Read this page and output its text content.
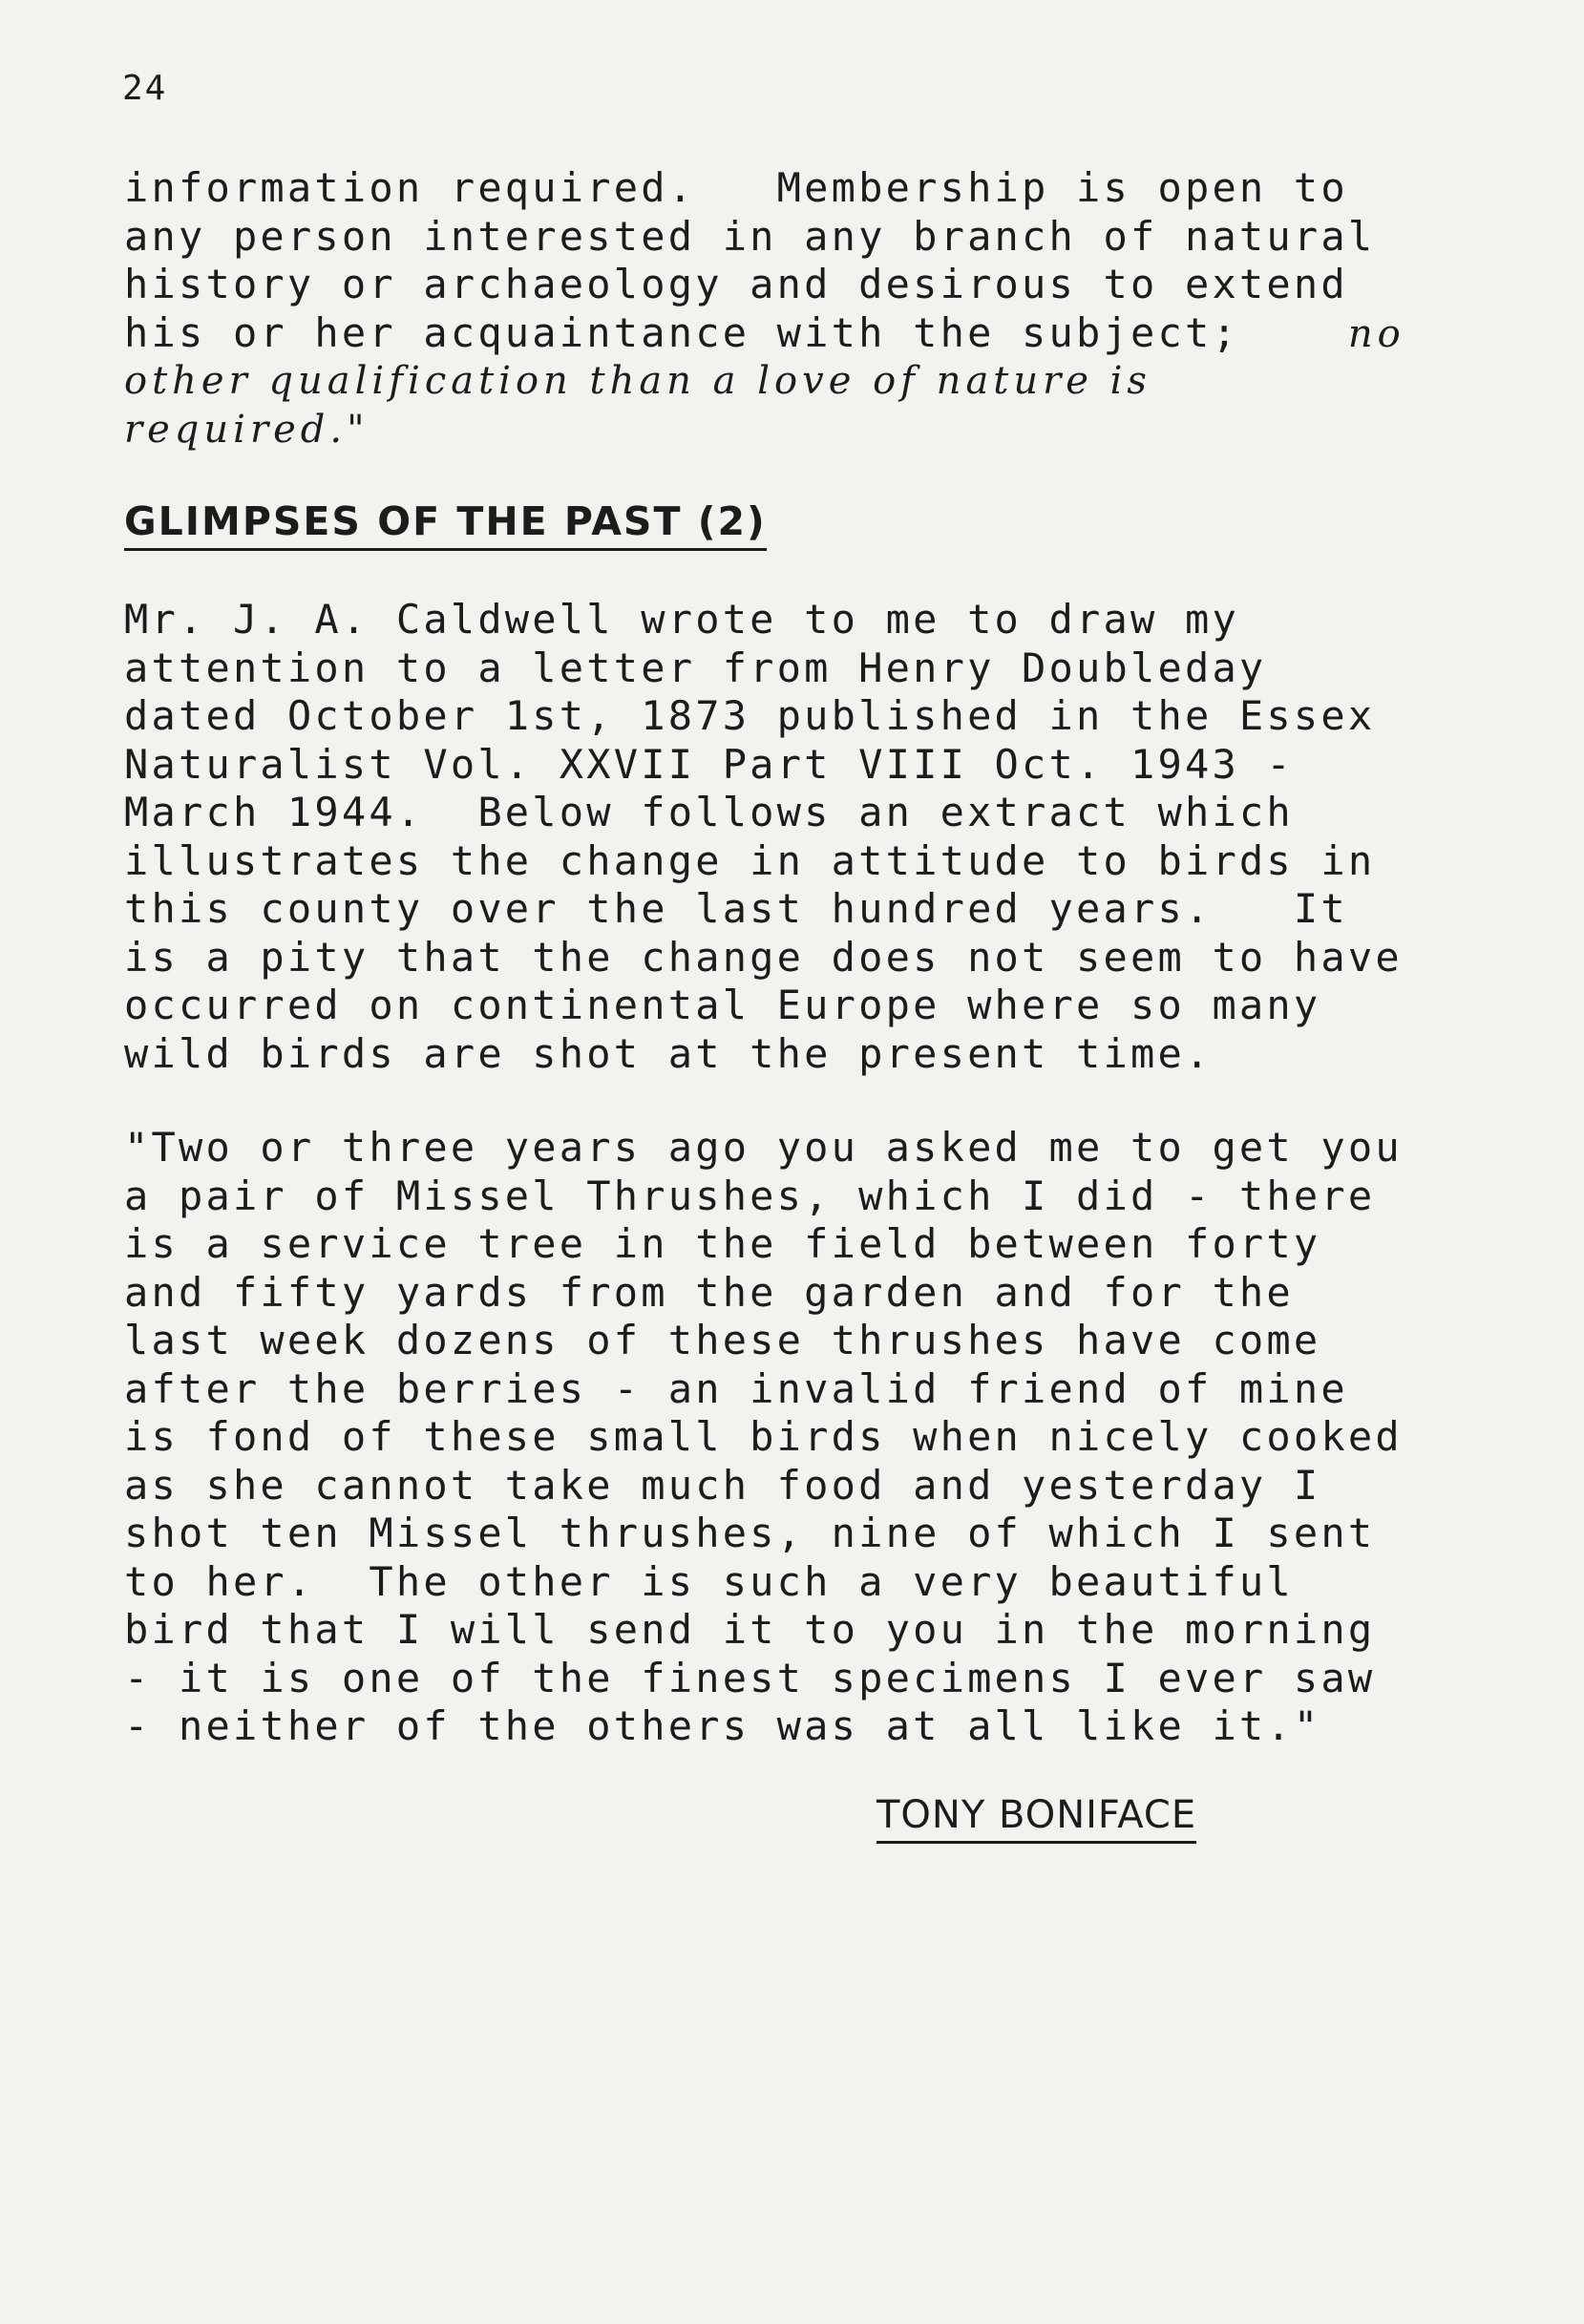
24

information required.   Membership is open to
any person interested in any branch of natural
history or archaeology and desirous to extend
his or her acquaintance with the subject;	no
other qualification than a love of nature is
required."
GLIMPSES OF THE PAST (2)
Mr. J. A. Caldwell wrote to me to draw my
attention to a letter from Henry Doubleday
dated October 1st, 1873 published in the Essex
Naturalist Vol. XXVII Part VIII Oct. 1943 -
March 1944.  Below follows an extract which
illustrates the change in attitude to birds in
this county over the last hundred years.   It
is a pity that the change does not seem to have
occurred on continental Europe where so many
wild birds are shot at the present time.
"Two or three years ago you asked me to get you
a pair of Missel Thrushes, which I did - there
is a service tree in the field between forty
and fifty yards from the garden and for the
last week dozens of these thrushes have come
after the berries - an invalid friend of mine
is fond of these small birds when nicely cooked
as she cannot take much food and yesterday I
shot ten Missel thrushes, nine of which I sent
to her.  The other is such a very beautiful
bird that I will send it to you in the morning
- it is one of the finest specimens I ever saw
- neither of the others was at all like it."

TONY BONIFACE
